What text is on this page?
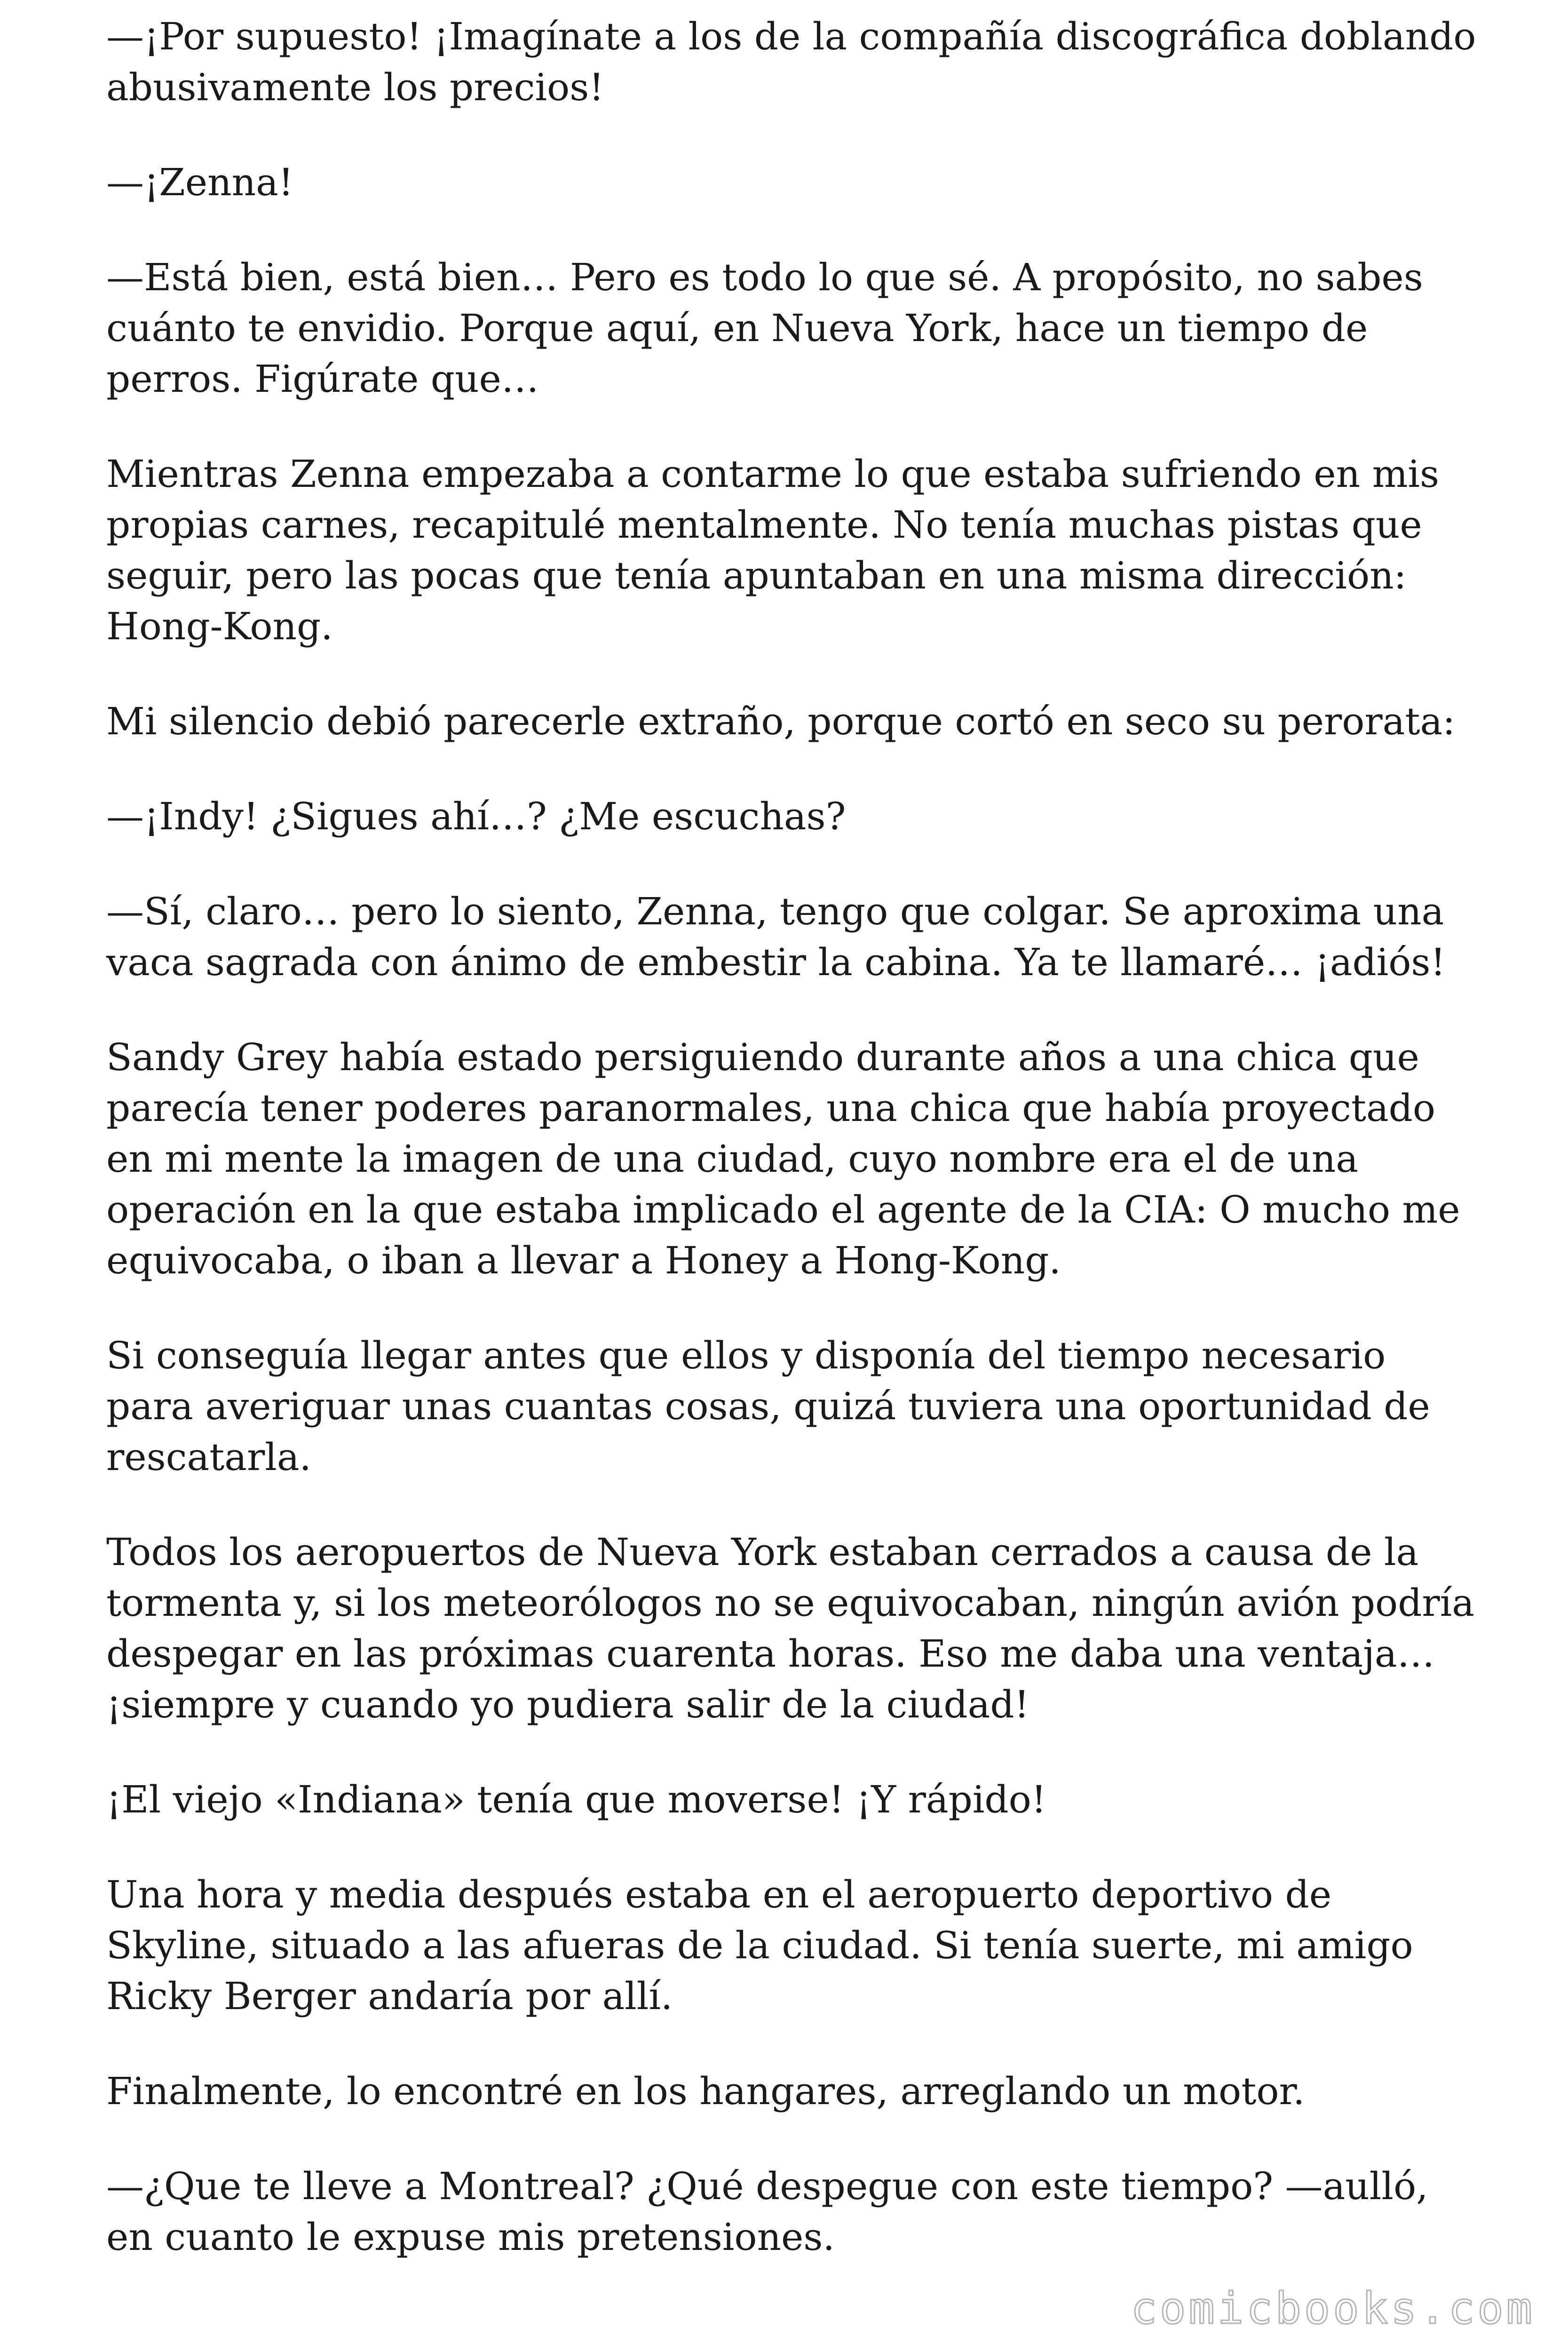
—¡Por supuesto! ¡Imagínate a los de la compañía discográfica doblando abusivamente los precios!

—¡Zenna!

—Está bien, está bien… Pero es todo lo que sé. A propósito, no sabes cuánto te envidio. Porque aquí, en Nueva York, hace un tiempo de perros. Figúrate que…

Mientras Zenna empezaba a contarme lo que estaba sufriendo en mis propias carnes, recapitulé mentalmente. No tenía muchas pistas que seguir, pero las pocas que tenía apuntaban en una misma dirección: Hong-Kong.

Mi silencio debió parecerle extraño, porque cortó en seco su perorata:

—¡Indy! ¿Sigues ahí…? ¿Me escuchas?

—Sí, claro… pero lo siento, Zenna, tengo que colgar. Se aproxima una vaca sagrada con ánimo de embestir la cabina. Ya te llamaré… ¡adiós!

Sandy Grey había estado persiguiendo durante años a una chica que parecía tener poderes paranormales, una chica que había proyectado en mi mente la imagen de una ciudad, cuyo nombre era el de una operación en la que estaba implicado el agente de la CIA: O mucho me equivocaba, o iban a llevar a Honey a Hong-Kong.

Si conseguía llegar antes que ellos y disponía del tiempo necesario para averiguar unas cuantas cosas, quizá tuviera una oportunidad de rescatarla.

Todos los aeropuertos de Nueva York estaban cerrados a causa de la tormenta y, si los meteorólogos no se equivocaban, ningún avión podría despegar en las próximas cuarenta horas. Eso me daba una ventaja… ¡siempre y cuando yo pudiera salir de la ciudad!

¡El viejo «Indiana» tenía que moverse! ¡Y rápido!

Una hora y media después estaba en el aeropuerto deportivo de Skyline, situado a las afueras de la ciudad. Si tenía suerte, mi amigo Ricky Berger andaría por allí.

Finalmente, lo encontré en los hangares, arreglando un motor.

—¿Que te lleve a Montreal? ¿Qué despegue con este tiempo? —aulló, en cuanto le expuse mis pretensiones.

comicbooks.com
